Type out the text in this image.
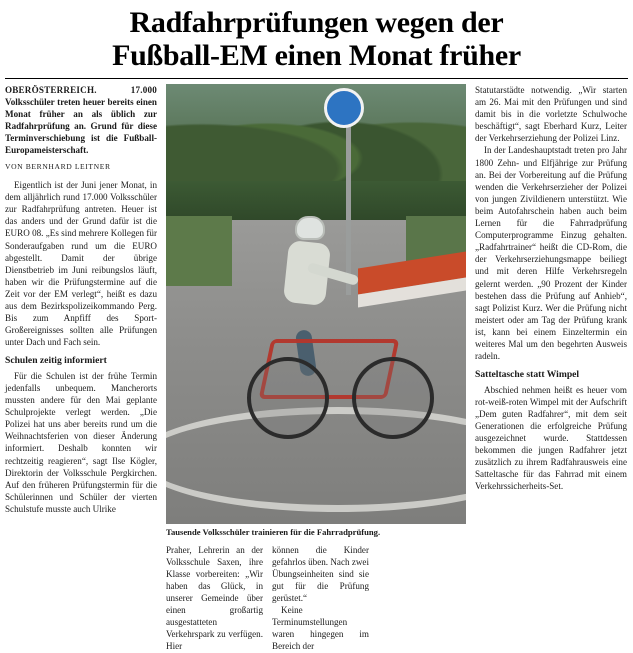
Radfahrprüfungen wegen der
Fußball-EM einen Monat früher
OBERÖSTERREICH. 17.000 Volksschüler treten heuer bereits einen Monat früher an als üblich zur Radfahrprüfung an. Grund für diese Terminverschiebung ist die Fußball-Europameisterschaft.
VON BERNHARD LEITNER

Eigentlich ist der Juni jener Monat, in dem alljährlich rund 17.000 Volksschüler zur Radfahrprüfung antreten. Heuer ist das anders und der Grund dafür ist die EURO 08. „Es sind mehrere Kollegen für Sonderaufgaben rund um die EURO abgestellt. Damit der übrige Dienstbetrieb im Juni reibungslos läuft, haben wir die Prüfungstermine auf die Zeit vor der EM verlegt“, heißt es dazu aus dem Bezirkspolizeikommando Perg. Bis zum Anpfiff des Sport-Großereignisses sollten alle Prüfungen unter Dach und Fach sein.

Schulen zeitig informiert

Für die Schulen ist der frühe Termin jedenfalls unbequem. Mancherorts mussten andere für den Mai geplante Schulprojekte verlegt werden. „Die Polizei hat uns aber bereits rund um die Weihnachtsferien von dieser Änderung informiert. Deshalb konnten wir rechtzeitig reagieren“, sagt Ilse Kögler, Direktorin der Volksschule Pergkirchen. Auf den früheren Prüfungstermin für die Schülerinnen und Schüler der vierten Schulstufe musste auch Ulrike

Tausende Volksschüler trainieren für die Fahrradprüfung.

Praher, Lehrerin an der Volksschule Saxen, ihre Klasse vorbereiten: „Wir haben das Glück, in unserer Gemeinde über einen großartig ausgestatteten Verkehrspark zu verfügen. Hier

können die Kinder gefahrlos üben. Nach zwei Übungseinheiten sind sie gut für die Prüfung gerüstet.“

Keine Terminumstellungen waren hingegen im Bereich der

Statutarstädte notwendig. „Wir starten am 26. Mai mit den Prüfungen und sind damit bis in die vorletzte Schulwoche beschäftigt“, sagt Eberhard Kurz, Leiter der Verkehrserziehung der Polizei Linz.

In der Landeshauptstadt treten pro Jahr 1800 Zehn- und Elfjährige zur Prüfung an. Bei der Vorbereitung auf die Prüfung wenden die Verkehrserzieher der Polizei von jungen Zivildienern unterstützt. Wie beim Autofahrschein haben auch beim Lernen für die Fahrradprüfung Computerprogramme Einzug gehalten. „Radfahrtrainer“ heißt die CD-Rom, die der Verkehrserziehungsmappe beiliegt und mit deren Hilfe Verkehrsregeln gelernt werden. „90 Prozent der Kinder bestehen dass die Prüfung auf Anhieb“, sagt Polizist Kurz. Wer die Prüfung nicht meistert oder am Tag der Prüfung krank ist, kann bei einem Einzeltermin ein weiteres Mal um den begehrten Ausweis radeln.

Satteltasche statt Wimpel

Abschied nehmen heißt es heuer vom rot-weiß-roten Wimpel mit der Aufschrift „Dem guten Radfahrer“, mit dem seit Generationen die erfolgreiche Prüfung ausgezeichnet wurde. Stattdessen bekommen die jungen Radfahrer jetzt zusätzlich zu ihrem Radfahrausweis eine Satteltasche für das Fahrrad mit einem Verkehrssicherheits-Set.
